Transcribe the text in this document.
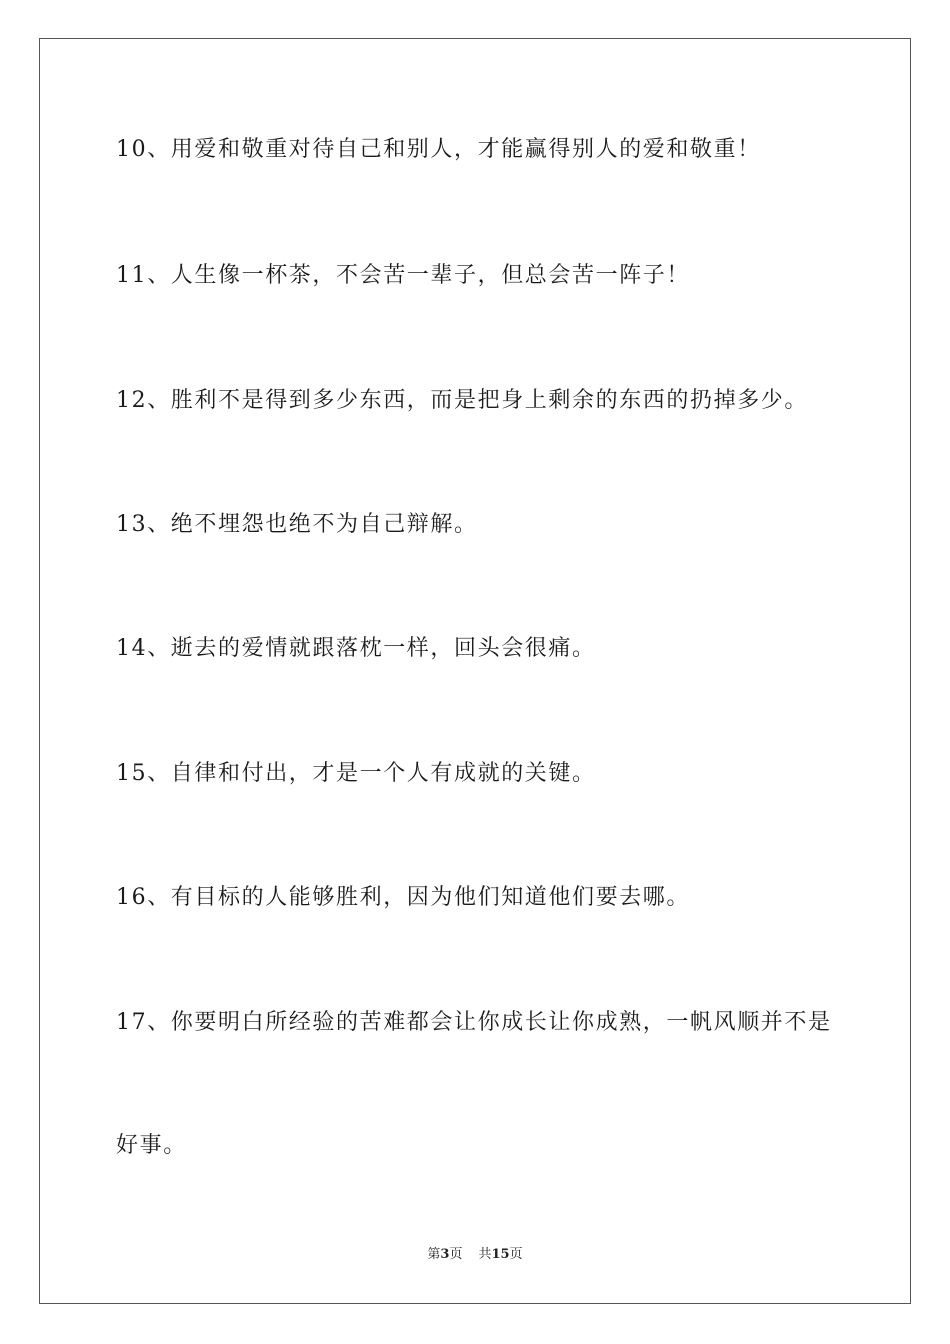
10、用爱和敬重对待自己和别人，才能赢得别人的爱和敬重！

11、人生像一杯茶，不会苦一辈子，但总会苦一阵子！

12、胜利不是得到多少东西，而是把身上剩余的东西的扔掉多少。

13、绝不埋怨也绝不为自己辩解。

14、逝去的爱情就跟落枕一样，回头会很痛。

15、自律和付出，才是一个人有成就的关键。

16、有目标的人能够胜利，因为他们知道他们要去哪。

17、你要明白所经验的苦难都会让你成长让你成熟，一帆风顺并不是

好事。

第3页 共15页
